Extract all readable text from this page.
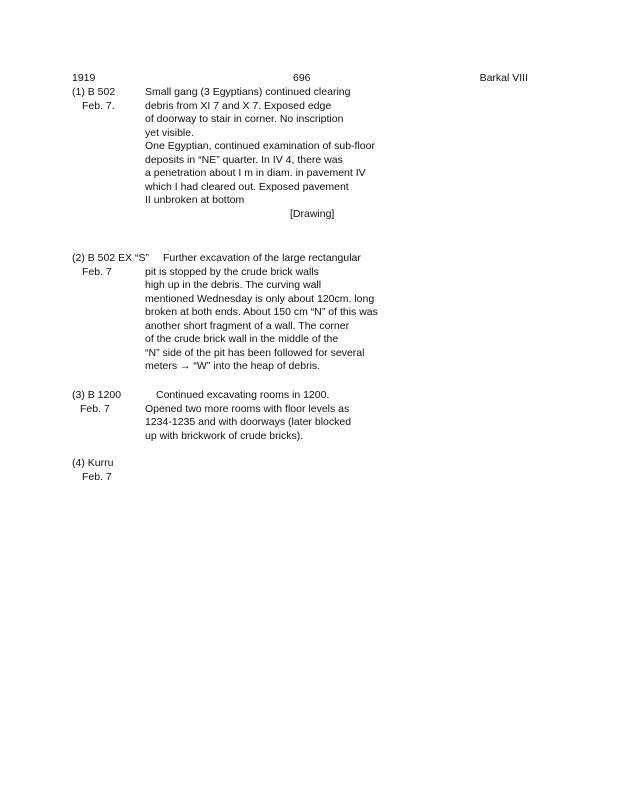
1919	696	Barkal VIII
(1) B 502
Feb. 7.
Small gang (3 Egyptians) continued clearing
debris from XI 7 and X 7. Exposed edge
of doorway to stair in corner. No inscription
yet visible.
One Egyptian, continued examination of sub-floor
deposits in “NE” quarter. In IV 4, there was
a penetration about I m in diam. in pavement IV
which I had cleared out. Exposed pavement
II unbroken at bottom
[Drawing]
(2) B 502 EX “S”
Feb. 7
Further excavation of the large rectangular
pit is stopped by the crude brick walls
high up in the debris. The curving wall
mentioned Wednesday is only about 120cm. long
broken at both ends. About 150 cm “N” of this was
another short fragment of a wall. The corner
of the crude brick wall in the middle of the
“N” side of the pit has been followed for several
meters → “W” into the heap of debris.
(3) B 1200
Feb. 7
Continued excavating rooms in 1200.
Opened two more rooms with floor levels as
1234-1235 and with doorways (later blocked
up with brickwork of crude bricks).
(4) Kurru
Feb. 7
